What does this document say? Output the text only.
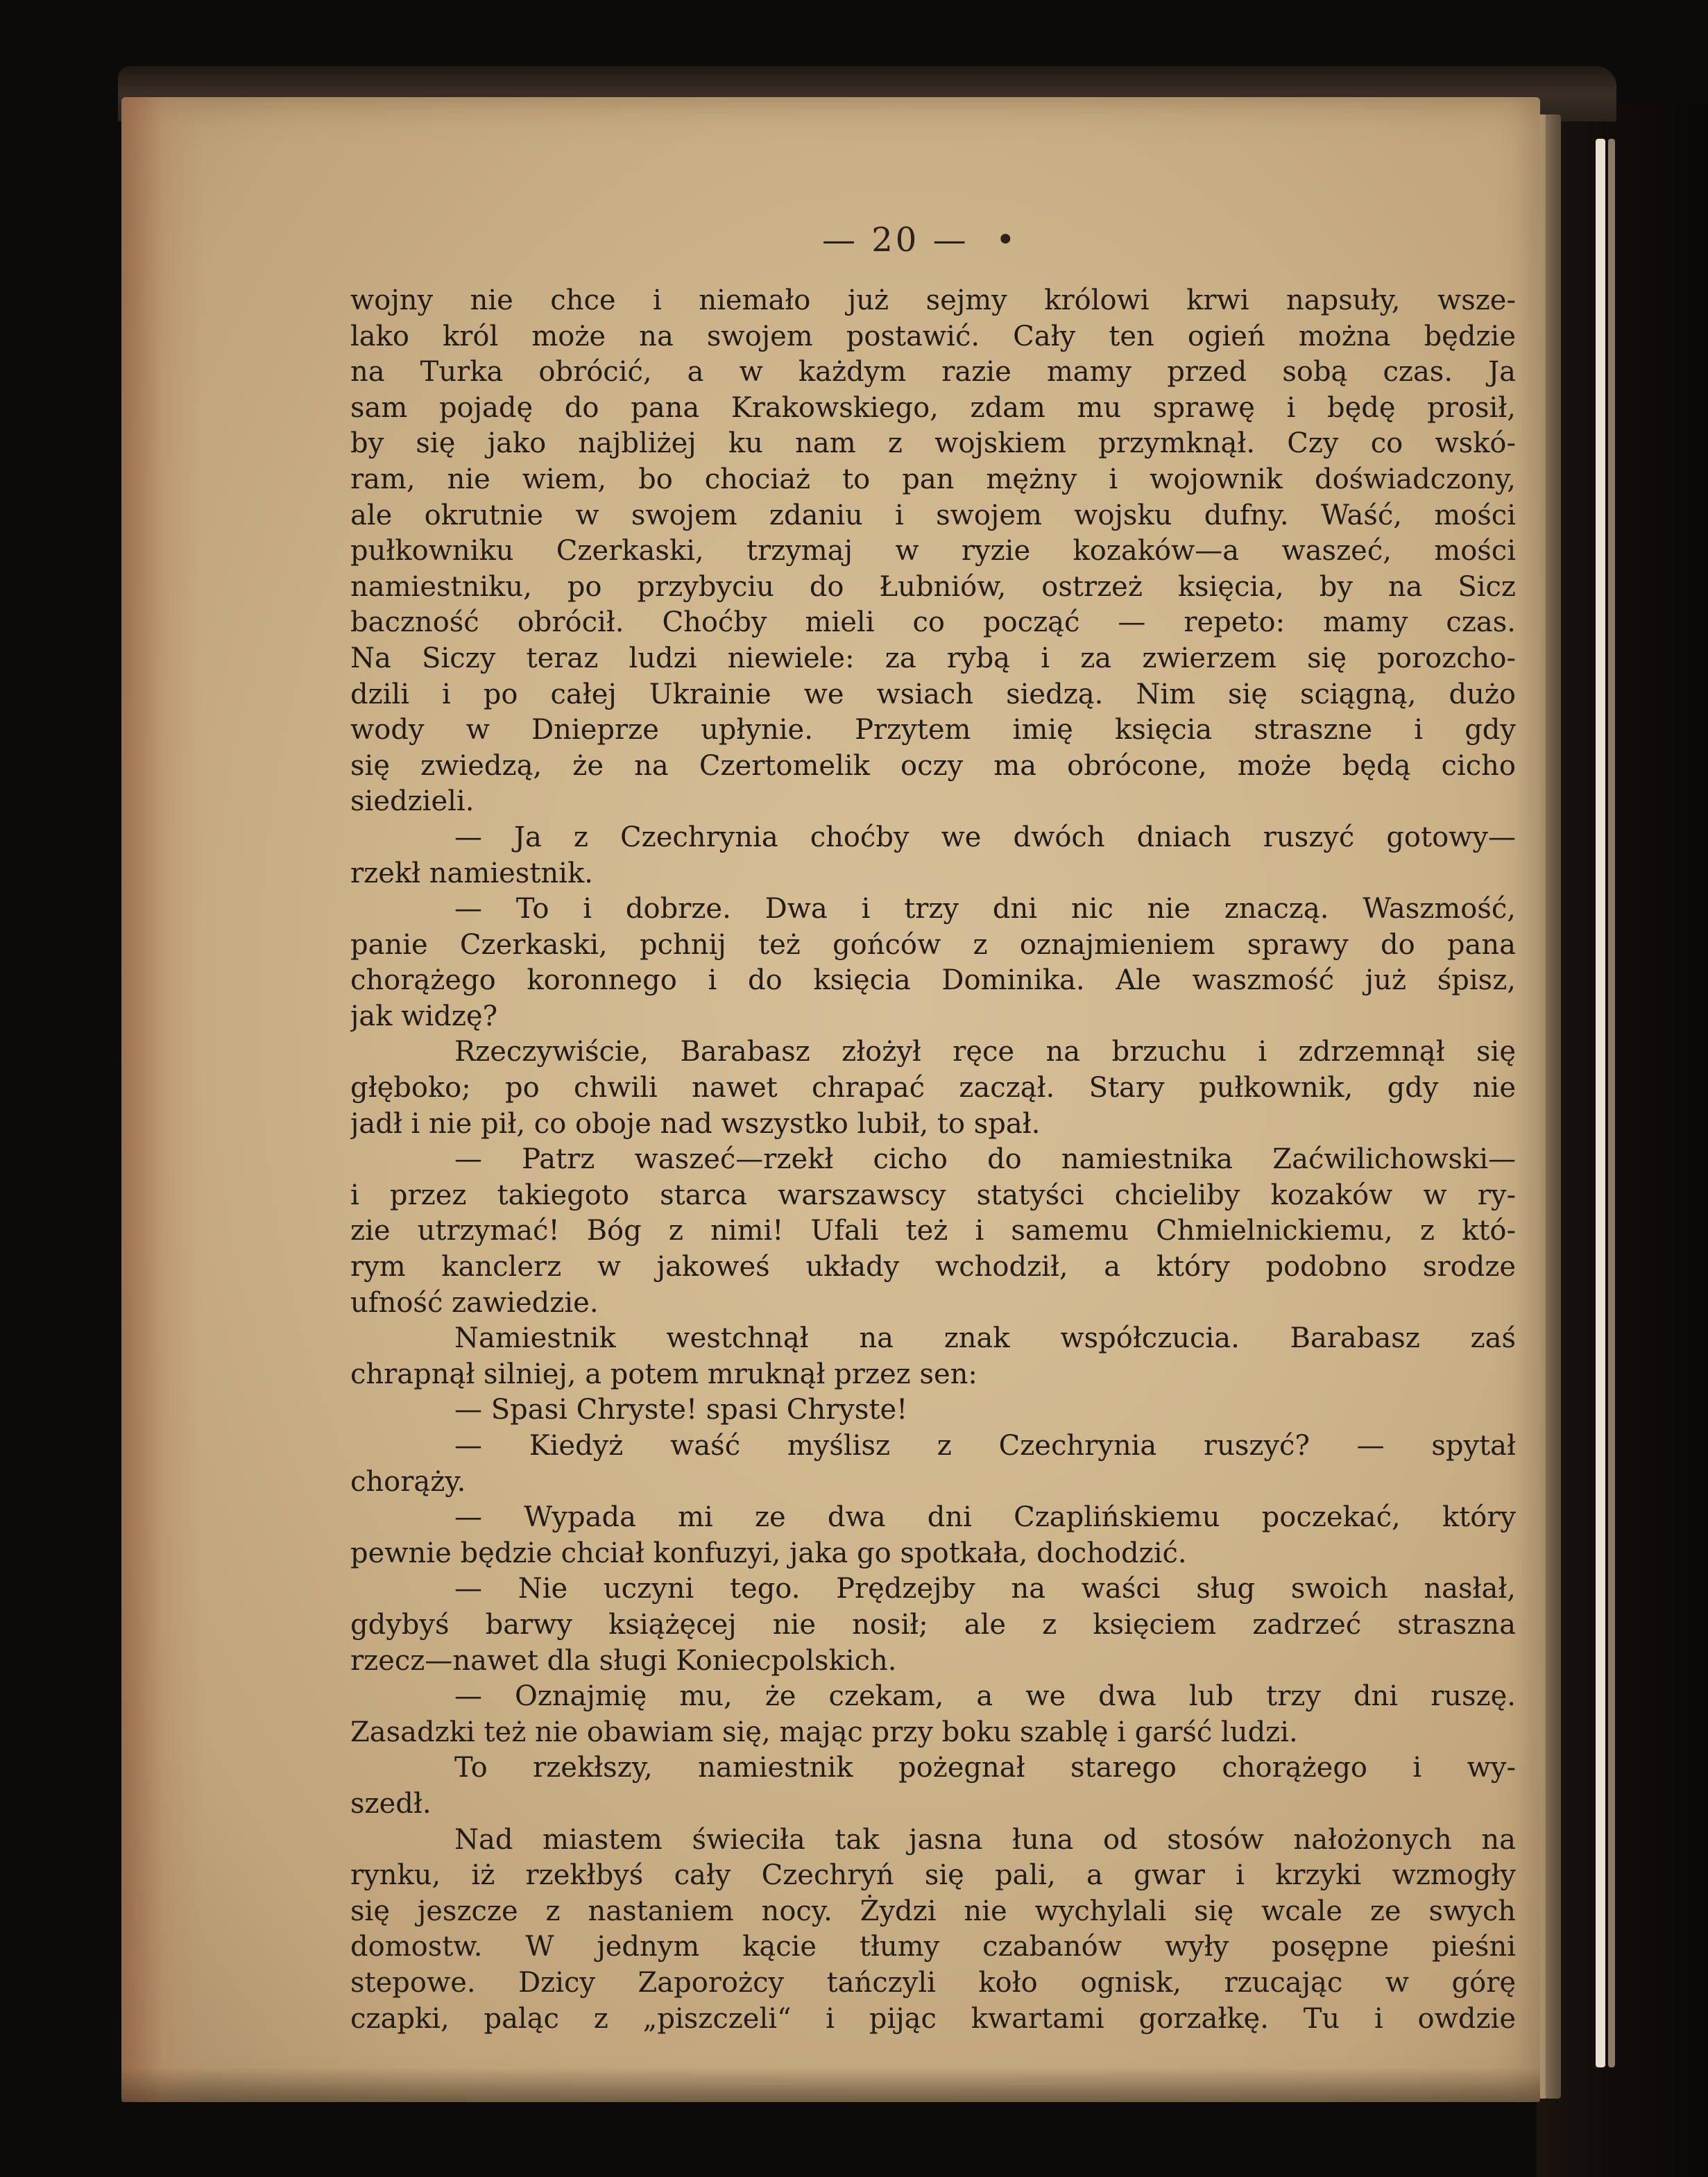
— 20 —  •
wojny nie chce i niemało już sejmy królowi krwi napsuły, wsze-
lako król może na swojem postawić. Cały ten ogień można będzie
na Turka obrócić, a w każdym razie mamy przed sobą czas. Ja
sam pojadę do pana Krakowskiego, zdam mu sprawę i będę prosił,
by się jako najbliżej ku nam z wojskiem przymknął. Czy co wskó-
ram, nie wiem, bo chociaż to pan mężny i wojownik doświadczony,
ale okrutnie w swojem zdaniu i swojem wojsku dufny. Waść, mości
pułkowniku Czerkaski, trzymaj w ryzie kozaków—a waszeć, mości
namiestniku, po przybyciu do Łubniów, ostrzeż księcia, by na Sicz
baczność obrócił. Choćby mieli co począć — repeto: mamy czas.
Na Siczy teraz ludzi niewiele: za rybą i za zwierzem się porozcho-
dzili i po całej Ukrainie we wsiach siedzą. Nim się sciągną, dużo
wody w Dnieprze upłynie. Przytem imię księcia straszne i gdy
się zwiedzą, że na Czertomelik oczy ma obrócone, może będą cicho
siedzieli.
— Ja z Czechrynia choćby we dwóch dniach ruszyć gotowy—
rzekł namiestnik.
— To i dobrze. Dwa i trzy dni nic nie znaczą. Waszmość,
panie Czerkaski, pchnij też gońców z oznajmieniem sprawy do pana
chorążego koronnego i do księcia Dominika. Ale waszmość już śpisz,
jak widzę?
Rzeczywiście, Barabasz złożył ręce na brzuchu i zdrzemnął się
głęboko; po chwili nawet chrapać zaczął. Stary pułkownik, gdy nie
jadł i nie pił, co oboje nad wszystko lubił, to spał.
— Patrz waszeć—rzekł cicho do namiestnika Zaćwilichowski—
i przez takiegoto starca warszawscy statyści chcieliby kozaków w ry-
zie utrzymać! Bóg z nimi! Ufali też i samemu Chmielnickiemu, z któ-
rym kanclerz w jakoweś układy wchodził, a który podobno srodze
ufność zawiedzie.
Namiestnik westchnął na znak współczucia. Barabasz zaś
chrapnął silniej, a potem mruknął przez sen:
— Spasi Chryste! spasi Chryste!
— Kiedyż waść myślisz z Czechrynia ruszyć? — spytał
chorąży.
— Wypada mi ze dwa dni Czaplińskiemu poczekać, który
pewnie będzie chciał konfuzyi, jaka go spotkała, dochodzić.
— Nie uczyni tego. Prędzejby na waści sług swoich nasłał,
gdybyś barwy książęcej nie nosił; ale z księciem zadrzeć straszna
rzecz—nawet dla sługi Koniecpolskich.
— Oznajmię mu, że czekam, a we dwa lub trzy dni ruszę.
Zasadzki też nie obawiam się, mając przy boku szablę i garść ludzi.
To rzekłszy, namiestnik pożegnał starego chorążego i wy-
szedł.
Nad miastem świeciła tak jasna łuna od stosów nałożonych na
rynku, iż rzekłbyś cały Czechryń się pali, a gwar i krzyki wzmogły
się jeszcze z nastaniem nocy. Żydzi nie wychylali się wcale ze swych
domostw. W jednym kącie tłumy czabanów wyły posępne pieśni
stepowe. Dzicy Zaporożcy tańczyli koło ognisk, rzucając w górę
czapki, paląc z „piszczeli“ i pijąc kwartami gorzałkę. Tu i owdzie
